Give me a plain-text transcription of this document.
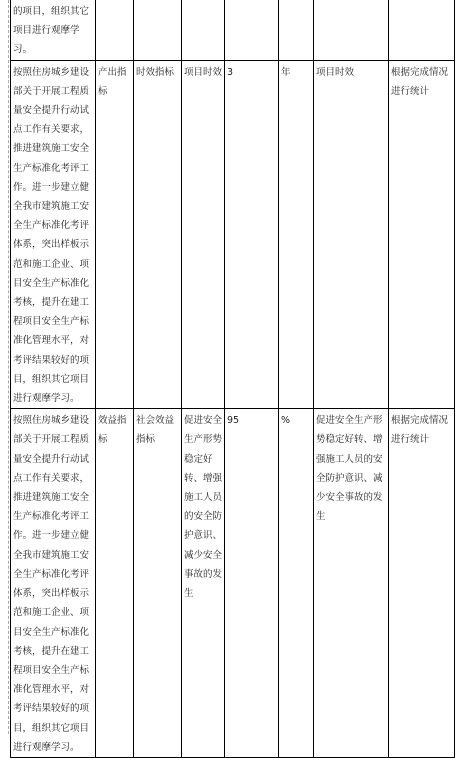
的项目，组织其它项目进行观摩学习。							
按照住房城乡建设部关于开展工程质量安全提升行动试点工作有关要求，推进建筑施工安全生产标准化考评工作。进一步建立健全我市建筑施工安全生产标准化考评体系，突出样板示范和施工企业、项目安全生产标准化考核，提升在建工程项目安全生产标准化管理水平，对考评结果较好的项目，组织其它项目进行观摩学习。	产出指标	时效指标	项目时效	3	年	项目时效	根据完成情况进行统计
按照住房城乡建设部关于开展工程质量安全提升行动试点工作有关要求，推进建筑施工安全生产标准化考评工作。进一步建立健全我市建筑施工安全生产标准化考评体系，突出样板示范和施工企业、项目安全生产标准化考核，提升在建工程项目安全生产标准化管理水平，对考评结果较好的项目，组织其它项目进行观摩学习。	效益指标	社会效益指标	促进安全生产形势稳定好转、增强施工人员的安全防护意识、减少安全事故的发生	95	%	促进安全生产形势稳定好转、增强施工人员的安全防护意识、减少安全事故的发生	根据完成情况进行统计
